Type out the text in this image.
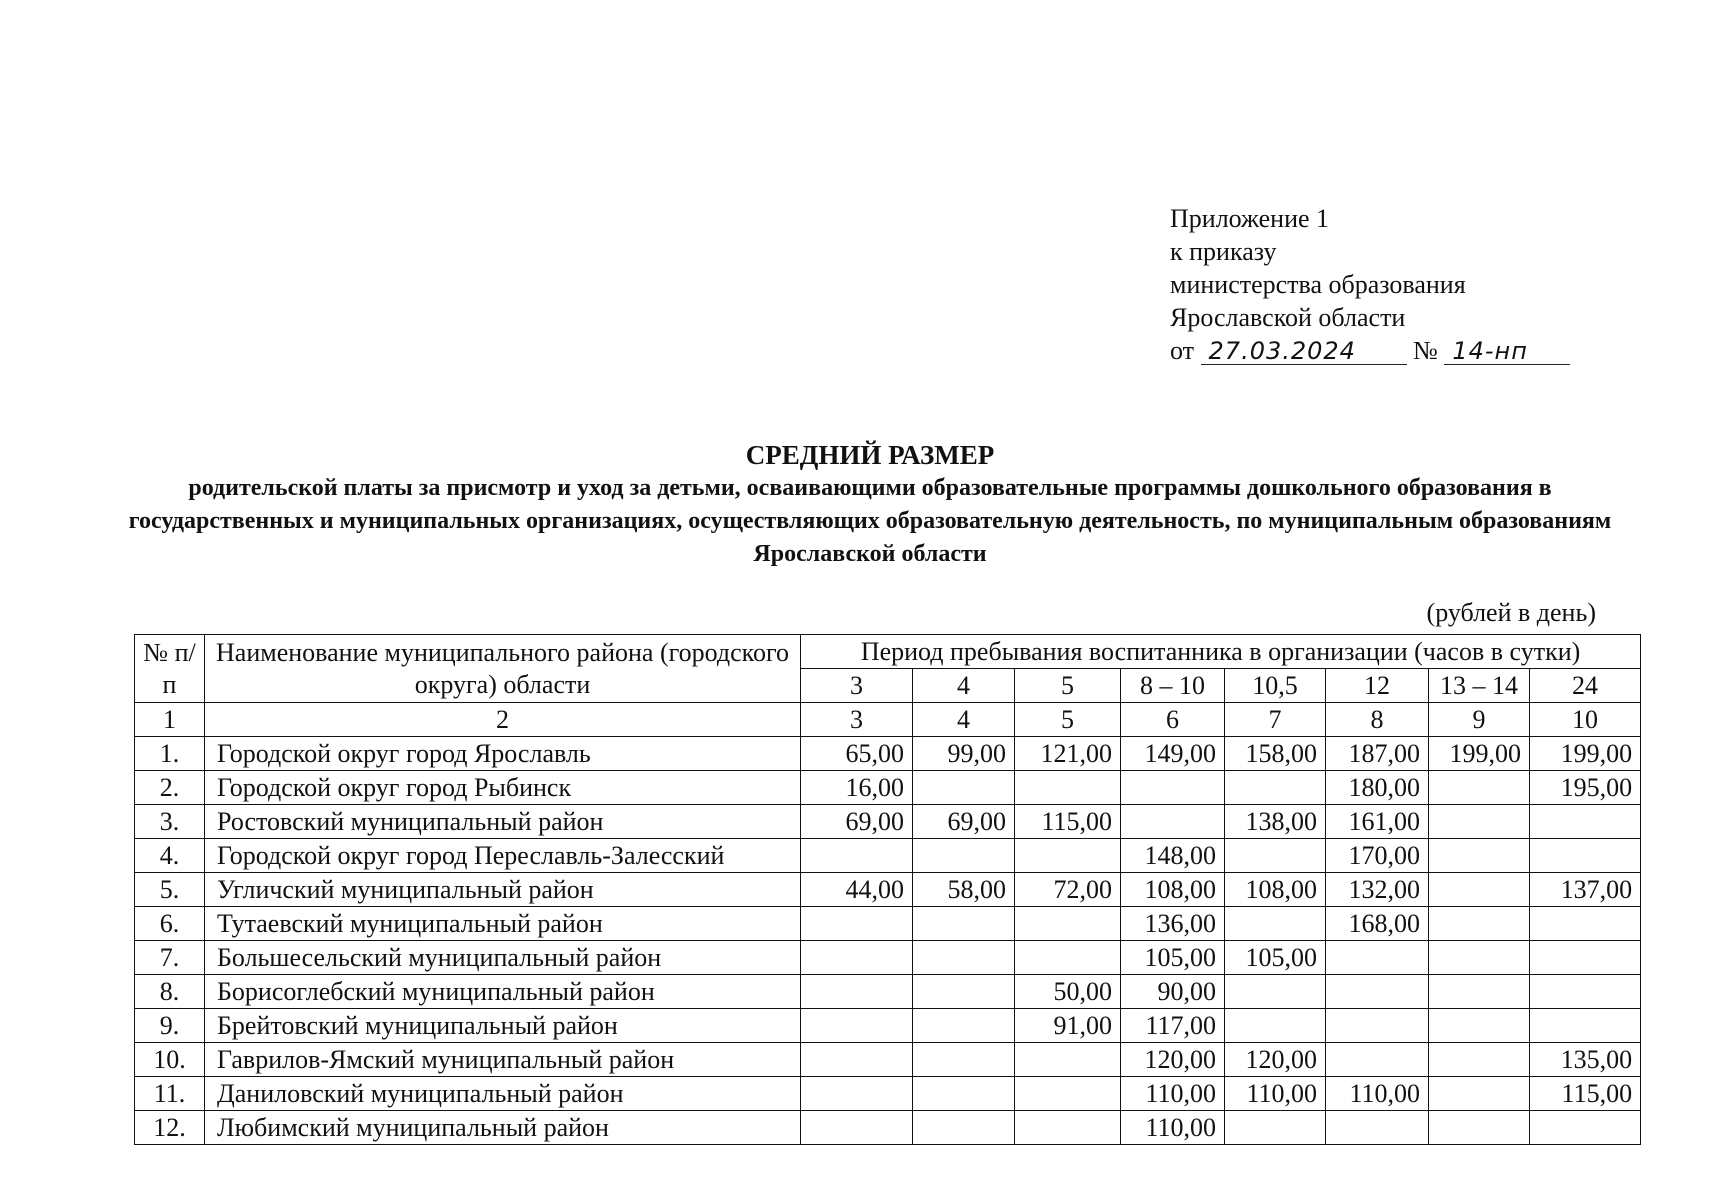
Приложение 1
к приказу
министерства образования
Ярославской области
от 27.03.2024 № 14-нп
СРЕДНИЙ РАЗМЕР
родительской платы за присмотр и уход за детьми, осваивающими образовательные программы дошкольного образования в государственных и муниципальных организациях, осуществляющих образовательную деятельность, по муниципальным образованиям Ярославской области
(рублей в день)
№ п/п	Наименование муниципального района (городского округа) области	Период пребывания воспитанника в организации (часов в сутки)							
		3	4	5	8 – 10	10,5	12	13 – 14	24
1	2	3	4	5	6	7	8	9	10
1.	Городской округ город Ярославль	65,00	99,00	121,00	149,00	158,00	187,00	199,00	199,00
2.	Городской округ город Рыбинск	16,00					180,00		195,00
3.	Ростовский муниципальный район	69,00	69,00	115,00		138,00	161,00		
4.	Городской округ город Переславль-Залесский				148,00		170,00		
5.	Угличский муниципальный район	44,00	58,00	72,00	108,00	108,00	132,00		137,00
6.	Тутаевский муниципальный район				136,00		168,00		
7.	Большесельский муниципальный район				105,00	105,00			
8.	Борисоглебский муниципальный район			50,00	90,00				
9.	Брейтовский муниципальный район			91,00	117,00				
10.	Гаврилов-Ямский муниципальный район				120,00	120,00			135,00
11.	Даниловский муниципальный район				110,00	110,00	110,00		115,00
12.	Любимский муниципальный район				110,00				
